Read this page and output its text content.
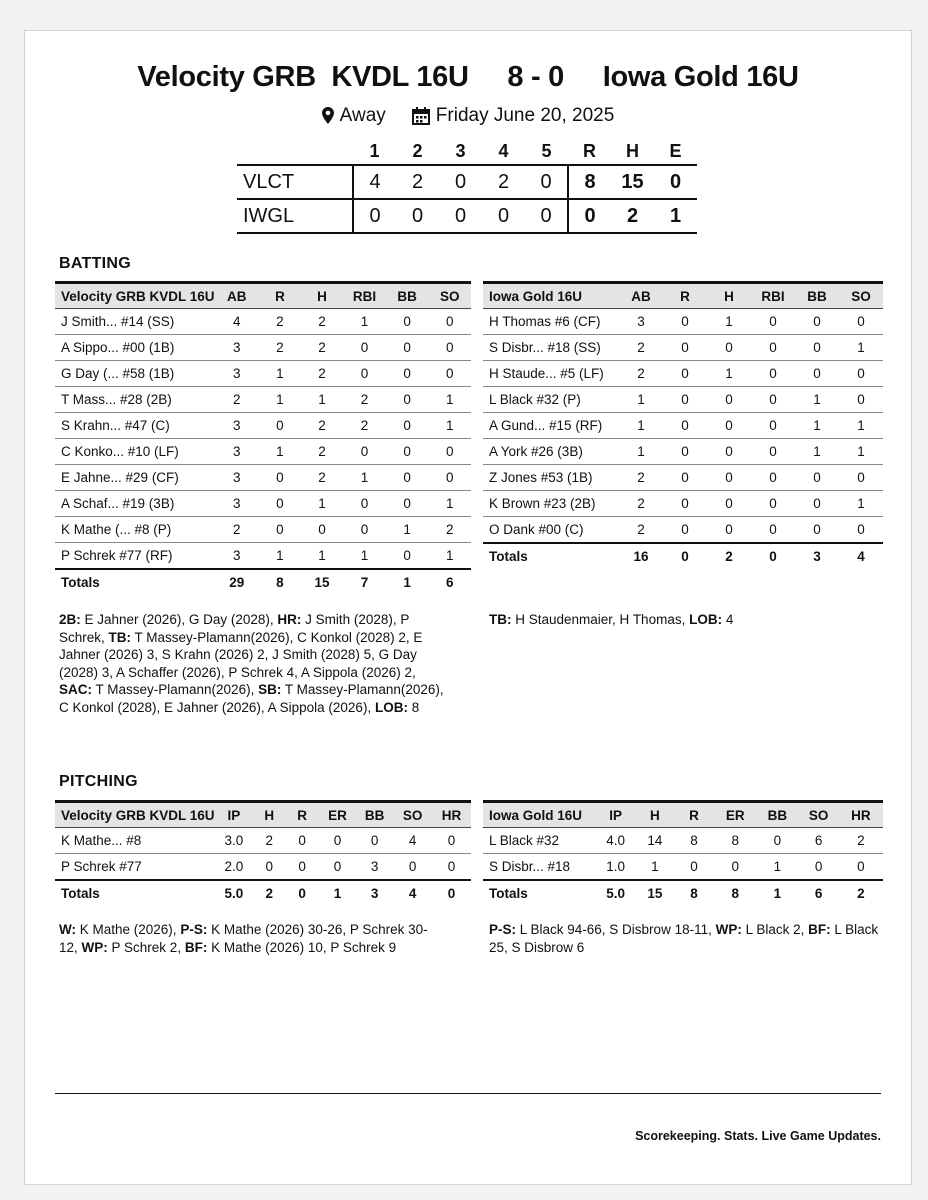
Velocity GRB  KVDL 16U     8 - 0     Iowa Gold 16U
Away	Friday June 20, 2025
	1	2	3	4	5	R	H	E
VLCT	4	2	0	2	0	8	15	0
IWGL	0	0	0	0	0	0	2	1
BATTING
Velocity GRB KVDL 16U	AB	R	H	RBI	BB	SO
J Smith... #14 (SS)	4	2	2	1	0	0
A Sippo... #00 (1B)	3	2	2	0	0	0
G Day (... #58 (1B)	3	1	2	0	0	0
T Mass... #28 (2B)	2	1	1	2	0	1
S Krahn... #47 (C)	3	0	2	2	0	1
C Konko... #10 (LF)	3	1	2	0	0	0
E Jahne... #29 (CF)	3	0	2	1	0	0
A Schaf... #19 (3B)	3	0	1	0	0	1
K Mathe (... #8 (P)	2	0	0	0	1	2
P Schrek #77 (RF)	3	1	1	1	0	1
Totals	29	8	15	7	1	6
Iowa Gold 16U	AB	R	H	RBI	BB	SO
H Thomas #6 (CF)	3	0	1	0	0	0
S Disbr... #18 (SS)	2	0	0	0	0	1
H Staude... #5 (LF)	2	0	1	0	0	0
L Black #32 (P)	1	0	0	0	1	0
A Gund... #15 (RF)	1	0	0	0	1	1
A York #26 (3B)	1	0	0	0	1	1
Z Jones #53 (1B)	2	0	0	0	0	0
K Brown #23 (2B)	2	0	0	0	0	1
O Dank #00 (C)	2	0	0	0	0	0
Totals	16	0	2	0	3	4
2B: E Jahner (2026), G Day (2028), HR: J Smith (2028), P Schrek, TB: T Massey-Plamann(2026), C Konkol (2028) 2, E Jahner (2026) 3, S Krahn (2026) 2, J Smith (2028) 5, G Day (2028) 3, A Schaffer (2026), P Schrek 4, A Sippola (2026) 2, SAC: T Massey-Plamann(2026), SB: T Massey-Plamann(2026), C Konkol (2028), E Jahner (2026), A Sippola (2026), LOB: 8
TB: H Staudenmaier, H Thomas, LOB: 4
PITCHING
Velocity GRB KVDL 16U	IP	H	R	ER	BB	SO	HR
K Mathe... #8	3.0	2	0	0	0	4	0
P Schrek #77	2.0	0	0	0	3	0	0
Totals	5.0	2	0	1	3	4	0
Iowa Gold 16U	IP	H	R	ER	BB	SO	HR
L Black #32	4.0	14	8	8	0	6	2
S Disbr... #18	1.0	1	0	0	1	0	0
Totals	5.0	15	8	8	1	6	2
W: K Mathe (2026), P-S: K Mathe (2026) 30-26, P Schrek 30-12, WP: P Schrek 2, BF: K Mathe (2026) 10, P Schrek 9
P-S: L Black 94-66, S Disbrow 18-11, WP: L Black 2, BF: L Black 25, S Disbrow 6
Scorekeeping. Stats. Live Game Updates.
